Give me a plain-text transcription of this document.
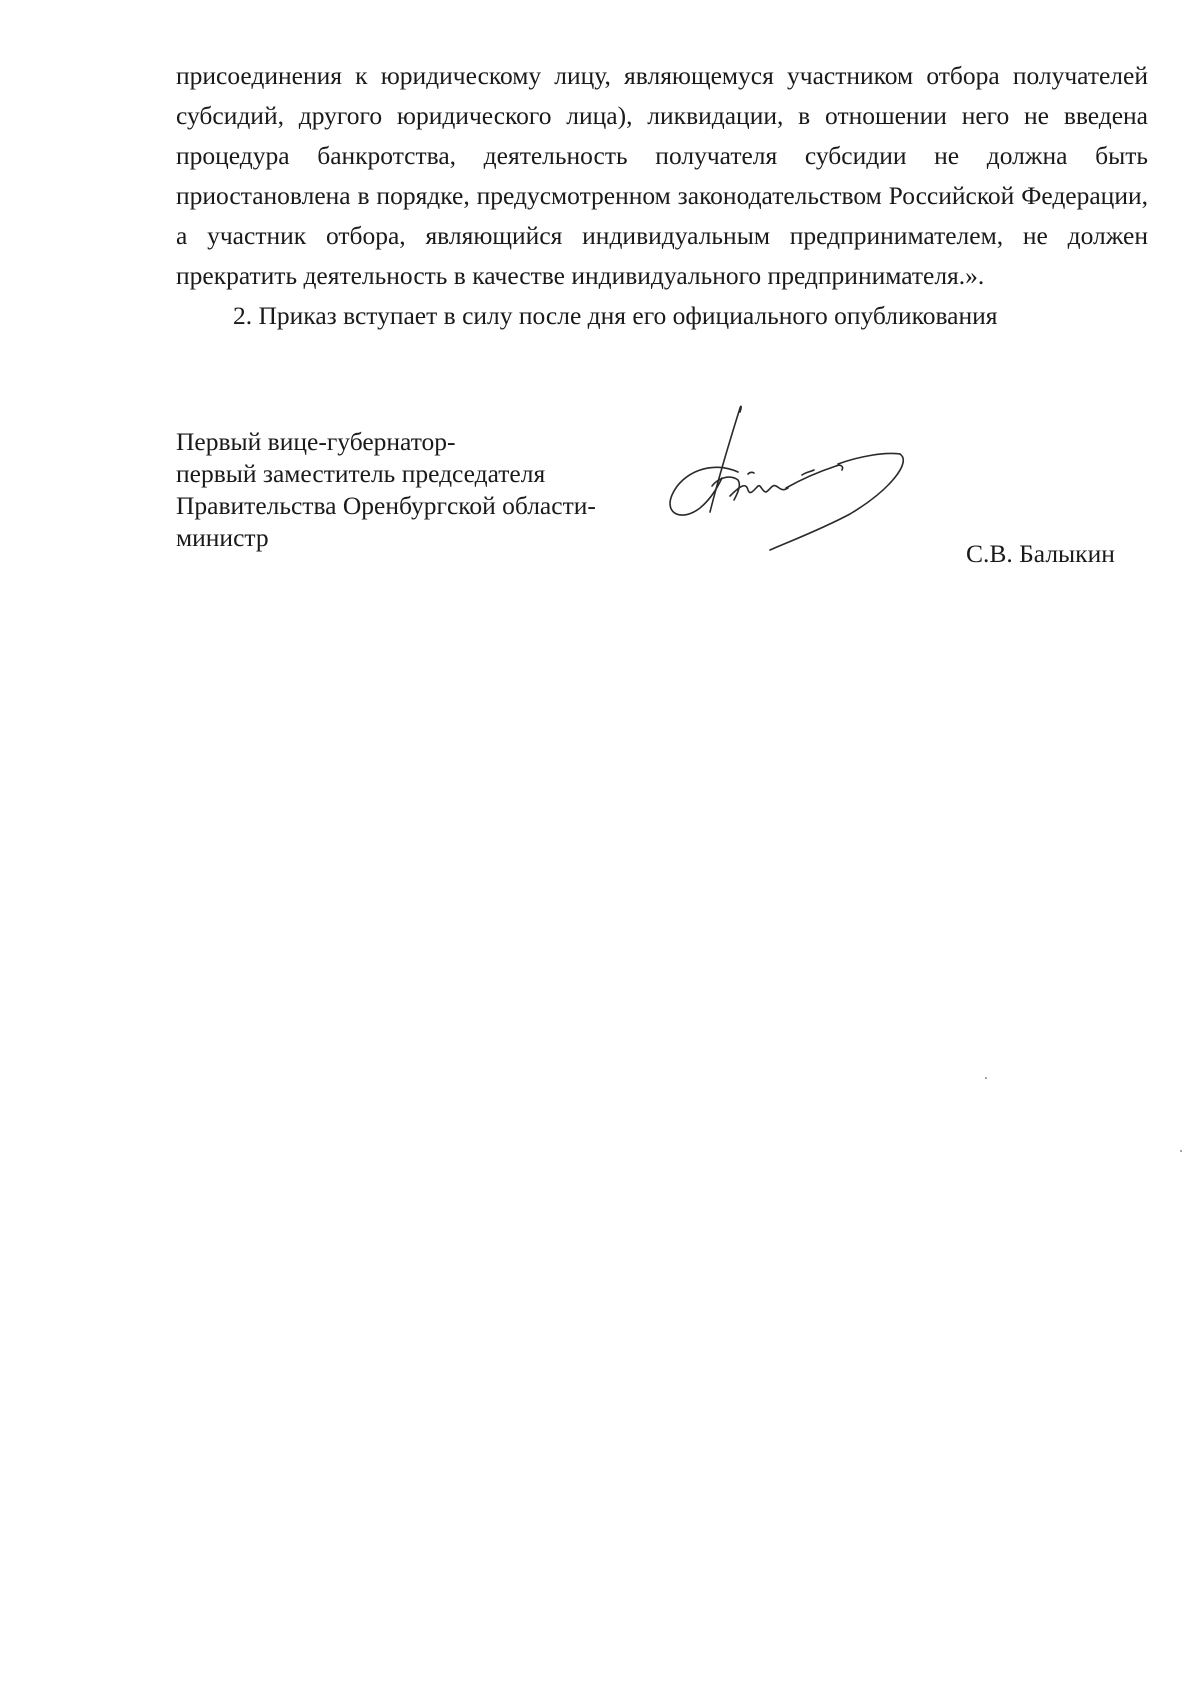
присоединения к юридическому лицу, являющемуся участником отбора получателей субсидий, другого юридического лица), ликвидации, в отношении него не введена процедура банкротства, деятельность получателя субсидии не должна быть приостановлена в порядке, предусмотренном законодательством Российской Федерации, а участник отбора, являющийся индивидуальным предпринимателем, не должен прекратить деятельность в качестве индивидуального предпринимателя.».

2. Приказ вступает в силу после дня его официального опубликования

Первый вице-губернатор-
первый заместитель председателя
Правительства Оренбургской области-
министр
С.В. Балыкин
